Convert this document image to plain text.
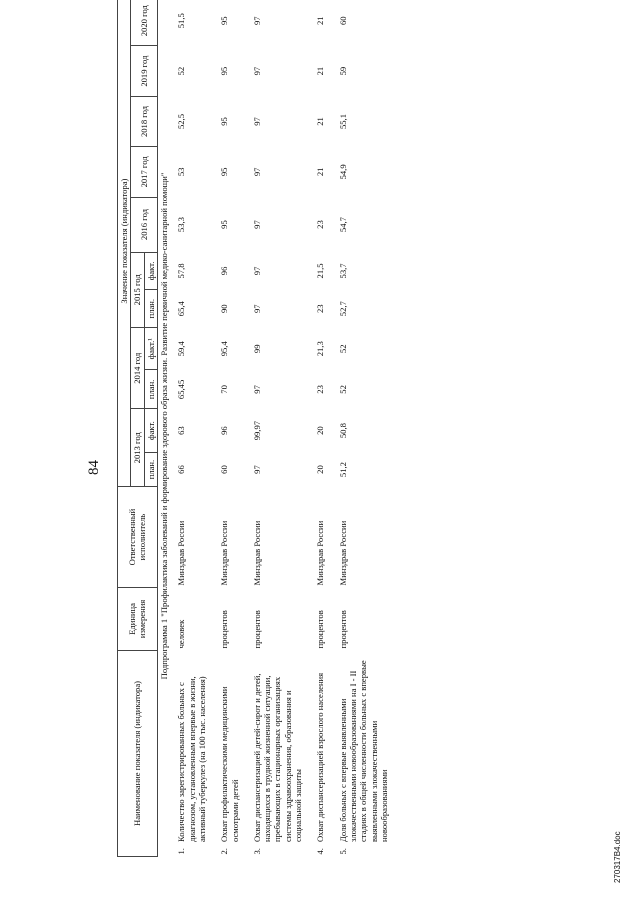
84
Наименование показателя (индикатора)	Единица измерения	Ответственный исполнитель	Значение показателя (индикатора)										
			2013 год		2014 год		2015 год		2016 год	2017 год	2018 год	2019 год	2020 год
			план.	факт.	план.	факт.¹	план.	факт.					
Подпрограмма 1 "Профилактика заболеваний и формирование здорового образа жизни. Развитие первичной медико-санитарной помощи"													

1.
Количество зарегистрированных больных с диагнозом, установленным впервые в жизни, активный туберкулез (на 100 тыс. населения)	человек	Минздрав России	66	63	65,45	59,4	65,4	57,8	53,3	53	52,5	52	51,5

2.
Охват профилактическими медицинскими осмотрами детей	процентов	Минздрав России	60	96	70	95,4	90	96	95	95	95	95	95

3.
Охват диспансеризацией детей-сирот и детей, находящихся в трудной жизненной ситуации, пребывающих в стационарных организациях системы здравоохранения, образования и социальной защиты	процентов	Минздрав России	97	99,97	97	99	97	97	97	97	97	97	97

4.
Охват диспансеризацией взрослого населения	процентов	Минздрав России	20	20	23	21,3	23	21,5	23	21	21	21	21

5.
Доля больных с впервые выявленными злокачественными новообразованиями на I - II стадиях в общей численности больных с впервые выявленными злокачественными новообразованиями	процентов	Минздрав России	51,2	50,8	52	52	52,7	53,7	54,7	54,9	55,1	59	60
270317B4.doc
